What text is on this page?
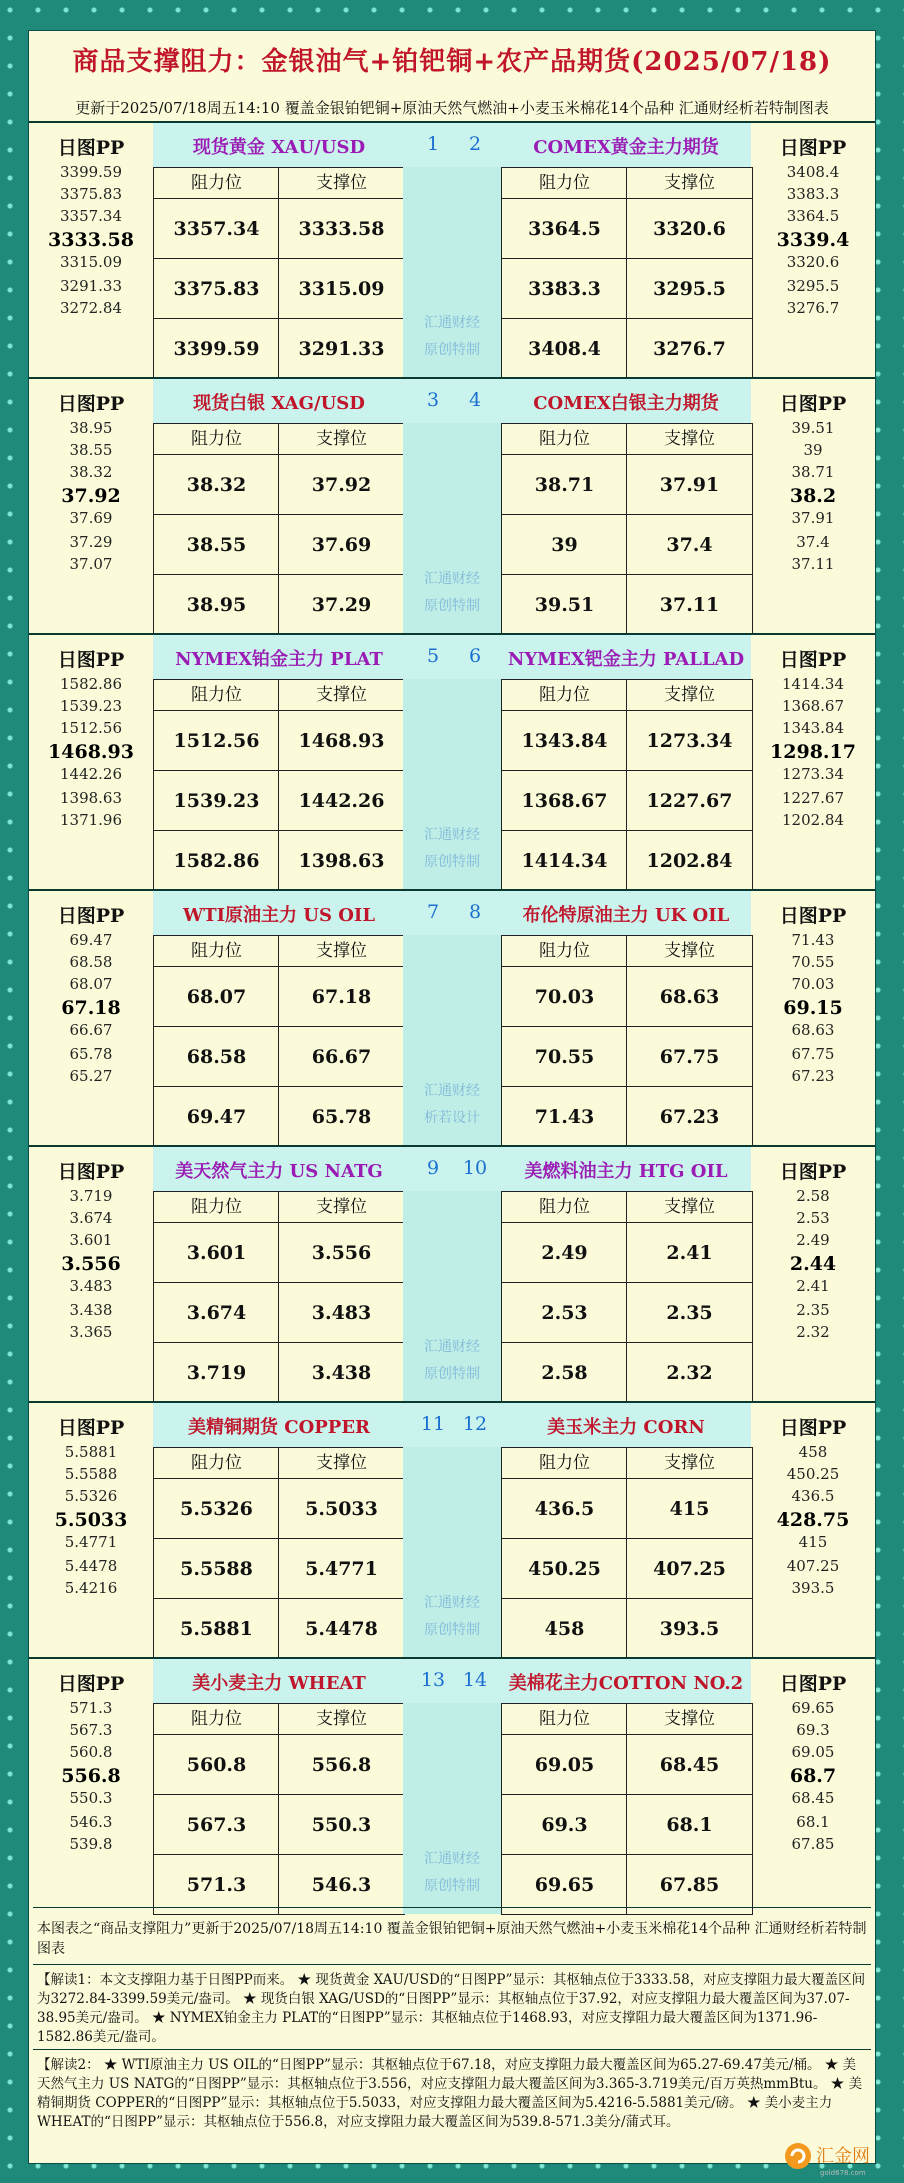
商品支撑阻力：金银油气+铂钯铜+农产品期货(2025/07/18)
更新于2025/07/18周五14:10 覆盖金银铂钯铜+原油天然气燃油+小麦玉米棉花14个品种 汇通财经析若特制图表
日图PP
3399.59
3375.83
3357.34
3333.58
3315.09
3291.33
3272.84
日图PP
3408.4
3383.3
3364.5
3339.4
3320.6
3295.5
3276.7
现货黄金 XAU/USD	1	2	COMEX黄金主力期货
阻力位	支撑位
3357.34	3333.58
3375.83	3315.09
3399.59	3291.33
阻力位	支撑位
3364.5	3320.6
3383.3	3295.5
3408.4	3276.7
汇通财经
原创特制
日图PP
38.95
38.55
38.32
37.92
37.69
37.29
37.07
日图PP
39.51
39
38.71
38.2
37.91
37.4
37.11
现货白银 XAG/USD	3	4	COMEX白银主力期货
阻力位	支撑位
38.32	37.92
38.55	37.69
38.95	37.29
阻力位	支撑位
38.71	37.91
39	37.4
39.51	37.11
汇通财经
原创特制
日图PP
1582.86
1539.23
1512.56
1468.93
1442.26
1398.63
1371.96
日图PP
1414.34
1368.67
1343.84
1298.17
1273.34
1227.67
1202.84
NYMEX铂金主力 PLAT	5	6	NYMEX钯金主力 PALLAD
阻力位	支撑位
1512.56	1468.93
1539.23	1442.26
1582.86	1398.63
阻力位	支撑位
1343.84	1273.34
1368.67	1227.67
1414.34	1202.84
汇通财经
原创特制
日图PP
69.47
68.58
68.07
67.18
66.67
65.78
65.27
日图PP
71.43
70.55
70.03
69.15
68.63
67.75
67.23
WTI原油主力 US OIL	7	8	布伦特原油主力 UK OIL
阻力位	支撑位
68.07	67.18
68.58	66.67
69.47	65.78
阻力位	支撑位
70.03	68.63
70.55	67.75
71.43	67.23
汇通财经
析若设计
日图PP
3.719
3.674
3.601
3.556
3.483
3.438
3.365
日图PP
2.58
2.53
2.49
2.44
2.41
2.35
2.32
美天然气主力 US NATG	9	10	美燃料油主力 HTG OIL
阻力位	支撑位
3.601	3.556
3.674	3.483
3.719	3.438
阻力位	支撑位
2.49	2.41
2.53	2.35
2.58	2.32
汇通财经
原创特制
日图PP
5.5881
5.5588
5.5326
5.5033
5.4771
5.4478
5.4216
日图PP
458
450.25
436.5
428.75
415
407.25
393.5
美精铜期货 COPPER	11 12	美玉米主力 CORN
阻力位	支撑位
5.5326	5.5033
5.5588	5.4771
5.5881	5.4478
阻力位	支撑位
436.5	415
450.25	407.25
458	393.5
汇通财经
原创特制
日图PP
571.3
567.3
560.8
556.8
550.3
546.3
539.8
日图PP
69.65
69.3
69.05
68.7
68.45
68.1
67.85
美小麦主力 WHEAT	13 14	美棉花主力COTTON NO.2
阻力位	支撑位
560.8	556.8
567.3	550.3
571.3	546.3
阻力位	支撑位
69.05	68.45
69.3	68.1
69.65	67.85
汇通财经
原创特制
本图表之“商品支撑阻力”更新于2025/07/18周五14:10 覆盖金银铂钯铜+原油天然气燃油+小麦玉米棉花14个品种 汇通财经析若特制图表
【解读1：本文支撑阻力基于日图PP而来。 ★ 现货黄金 XAU/USD的“日图PP”显示：其枢轴点位于3333.58，对应支撑阻力最大覆盖区间为3272.84-3399.59美元/盎司。 ★ 现货白银 XAG/USD的“日图PP”显示：其枢轴点位于37.92，对应支撑阻力最大覆盖区间为37.07-38.95美元/盎司。 ★ NYMEX铂金主力 PLAT的“日图PP”显示：其枢轴点位于1468.93，对应支撑阻力最大覆盖区间为1371.96-1582.86美元/盎司。
【解读2： ★ WTI原油主力 US OIL的“日图PP”显示：其枢轴点位于67.18，对应支撑阻力最大覆盖区间为65.27-69.47美元/桶。 ★ 美天然气主力 US NATG的“日图PP”显示：其枢轴点位于3.556，对应支撑阻力最大覆盖区间为3.365-3.719美元/百万英热mmBtu。 ★ 美精铜期货 COPPER的“日图PP”显示：其枢轴点位于5.5033，对应支撑阻力最大覆盖区间为5.4216-5.5881美元/磅。 ★ 美小麦主力 WHEAT的“日图PP”显示：其枢轴点位于556.8，对应支撑阻力最大覆盖区间为539.8-571.3美分/蒲式耳。
汇金网
gold678.com
